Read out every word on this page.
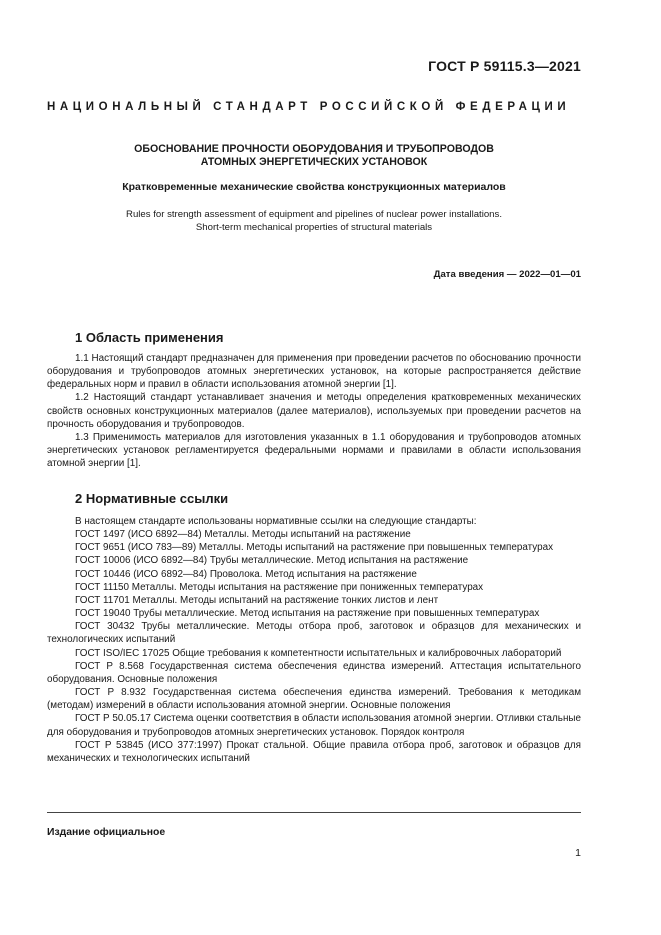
ГОСТ Р 59115.3—2021
НАЦИОНАЛЬНЫЙ СТАНДАРТ РОССИЙСКОЙ ФЕДЕРАЦИИ
ОБОСНОВАНИЕ ПРОЧНОСТИ ОБОРУДОВАНИЯ И ТРУБОПРОВОДОВ
АТОМНЫХ ЭНЕРГЕТИЧЕСКИХ УСТАНОВОК
Кратковременные механические свойства конструкционных материалов
Rules for strength assessment of equipment and pipelines of nuclear power installations.
Short-term mechanical properties of structural materials
Дата введения — 2022—01—01
1 Область применения
1.1 Настоящий стандарт предназначен для применения при проведении расчетов по обоснованию прочности оборудования и трубопроводов атомных энергетических установок, на которые распространяется действие федеральных норм и правил в области использования атомной энергии [1].
1.2 Настоящий стандарт устанавливает значения и методы определения кратковременных механических свойств основных конструкционных материалов (далее материалов), используемых при проведении расчетов на прочность оборудования и трубопроводов.
1.3 Применимость материалов для изготовления указанных в 1.1 оборудования и трубопроводов атомных энергетических установок регламентируется федеральными нормами и правилами в области использования атомной энергии [1].
2 Нормативные ссылки
В настоящем стандарте использованы нормативные ссылки на следующие стандарты:
ГОСТ 1497 (ИСО 6892—84) Металлы. Методы испытаний на растяжение
ГОСТ 9651 (ИСО 783—89) Металлы. Методы испытаний на растяжение при повышенных температурах
ГОСТ 10006 (ИСО 6892—84) Трубы металлические. Метод испытания на растяжение
ГОСТ 10446 (ИСО 6892—84) Проволока. Метод испытания на растяжение
ГОСТ 11150 Металлы. Методы испытания на растяжение при пониженных температурах
ГОСТ 11701 Металлы. Методы испытаний на растяжение тонких листов и лент
ГОСТ 19040 Трубы металлические. Метод испытания на растяжение при повышенных температурах
ГОСТ 30432 Трубы металлические. Методы отбора проб, заготовок и образцов для механических и технологических испытаний
ГОСТ ISO/IEC 17025 Общие требования к компетентности испытательных и калибровочных лабораторий
ГОСТ Р 8.568 Государственная система обеспечения единства измерений. Аттестация испытательного оборудования. Основные положения
ГОСТ Р 8.932 Государственная система обеспечения единства измерений. Требования к методикам (методам) измерений в области использования атомной энергии. Основные положения
ГОСТ Р 50.05.17 Система оценки соответствия в области использования атомной энергии. Отливки стальные для оборудования и трубопроводов атомных энергетических установок. Порядок контроля
ГОСТ Р 53845 (ИСО 377:1997) Прокат стальной. Общие правила отбора проб, заготовок и образцов для механических и технологических испытаний
Издание официальное
1
